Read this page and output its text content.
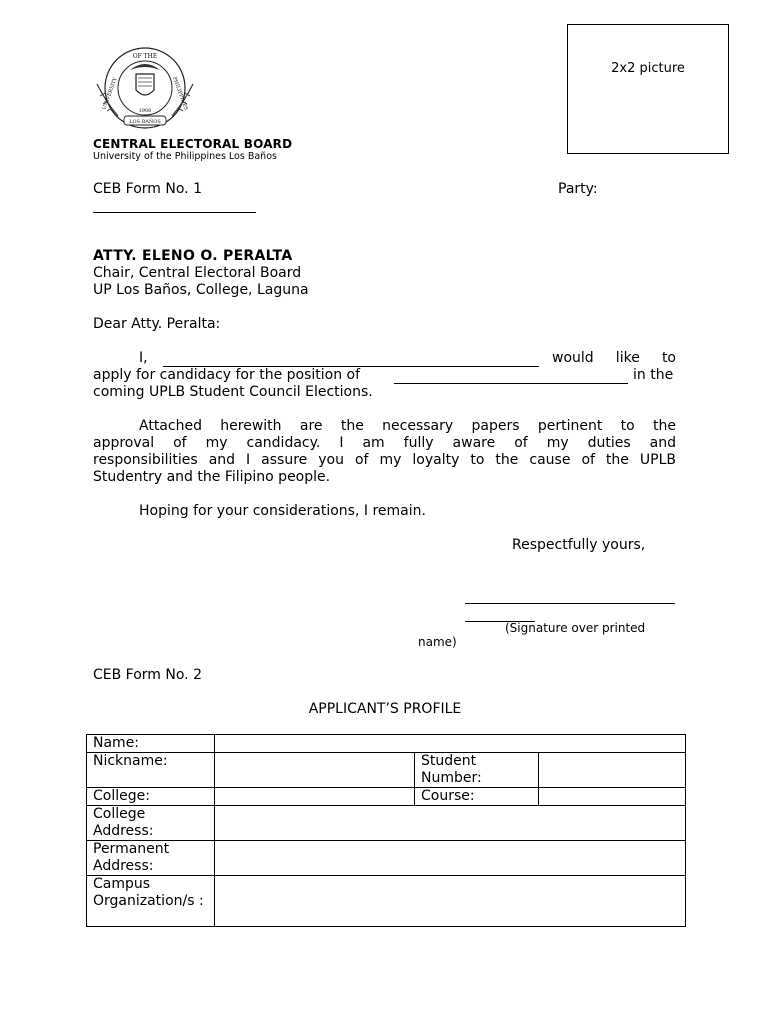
OF THE
UNIVERSITY	PHILIPPINES
1908
LOS BAÑOS
2x2 picture
CENTRAL ELECTORAL BOARD
University of the Philippines Los Baños
CEB Form No. 1	Party:
ATTY. ELENO O. PERALTA
Chair, Central Electoral Board
UP Los Baños, College, Laguna
Dear Atty. Peralta:
I,	would like to
apply for candidacy for the position of	in the
coming UPLB Student Council Elections.
Attached herewith are the necessary papers pertinent to the
approval of my candidacy. I am fully aware of my duties and
responsibilities and I assure you of my loyalty to the cause of the UPLB
Studentry and the Filipino people.
Hoping for your considerations, I remain.
Respectfully yours,
(Signature over printed
name)
CEB Form No. 2
APPLICANT’S PROFILE
Name:			
Nickname:		Student Number:	
College:		Course:	
College Address:			
Permanent Address:			
Campus Organization/s :			
